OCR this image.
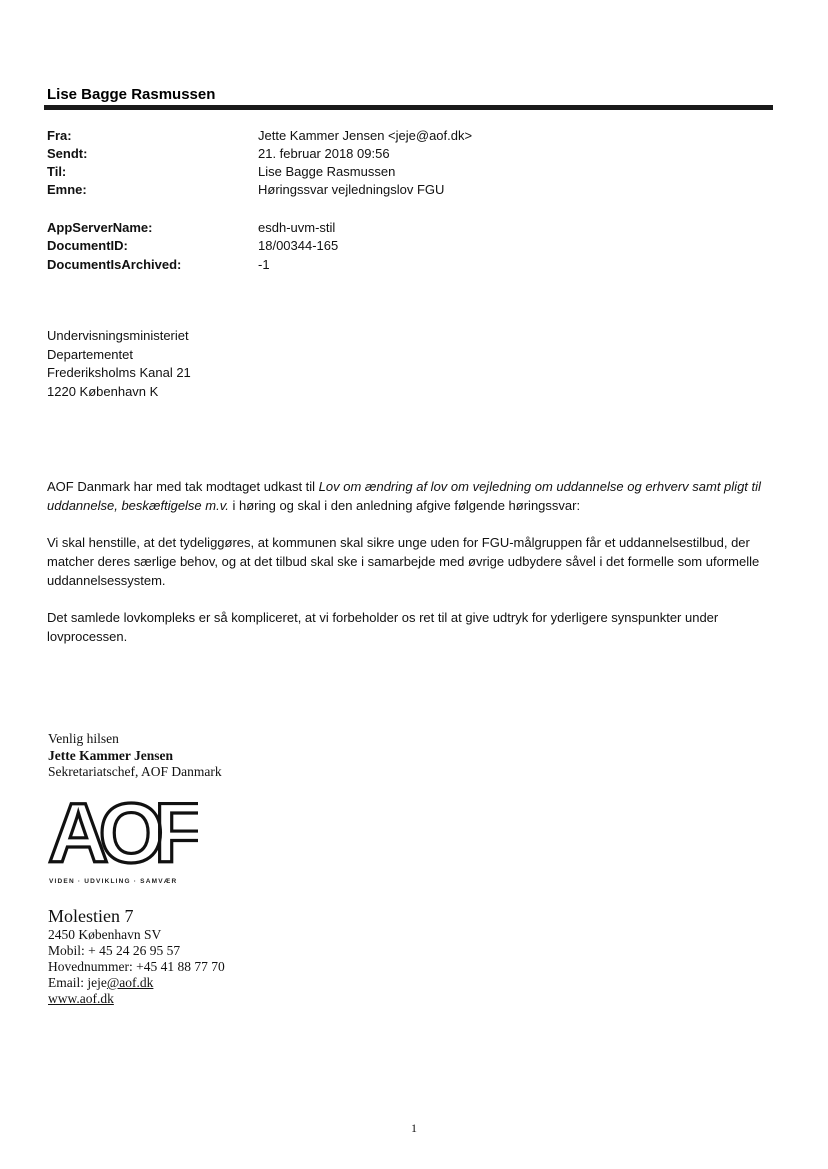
Lise Bagge Rasmussen
Fra:	Jette Kammer Jensen <jeje@aof.dk>
Sendt:	21. februar 2018 09:56
Til:	Lise Bagge Rasmussen
Emne:	Høringssvar vejledningslov FGU
AppServerName:	esdh-uvm-stil
DocumentID:	18/00344-165
DocumentIsArchived:	-1
Undervisningsministeriet
Departementet
Frederiksholms Kanal 21
1220 København K
AOF Danmark har med tak modtaget udkast til Lov om ændring af lov om vejledning om uddannelse og erhverv samt pligt til uddannelse, beskæftigelse m.v. i høring og skal i den anledning afgive følgende høringssvar:
Vi skal henstille, at det tydeliggøres, at kommunen skal sikre unge uden for FGU-målgruppen får et uddannelsestilbud, der matcher deres særlige behov, og at det tilbud skal ske i samarbejde med øvrige udbydere såvel i det formelle som uformelle uddannelsessystem.
Det samlede lovkompleks er så kompliceret, at vi forbeholder os ret til at give udtryk for yderligere synspunkter under lovprocessen.
Venlig hilsen
Jette Kammer Jensen
Sekretariatschef, AOF Danmark
AOF
VIDEN · UDVIKLING · SAMVÆR
Molestien 7
2450 København SV
Mobil: + 45 24 26 95 57
Hovednummer: +45 41 88 77 70
Email: jeje@aof.dk
www.aof.dk
1
